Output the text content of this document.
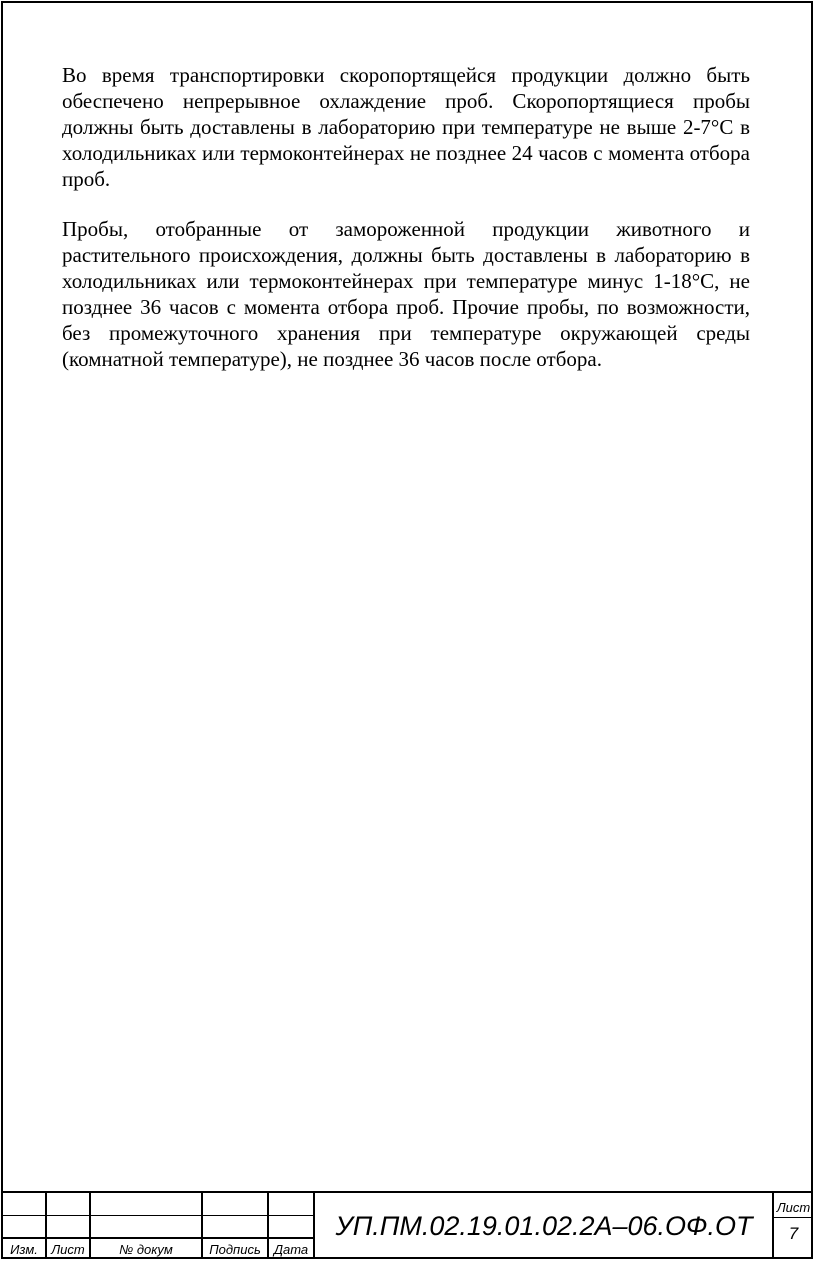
Во время транспортировки скоропортящейся продукции должно быть обеспечено непрерывное охлаждение проб. Скоропортящиеся пробы должны быть доставлены в лабораторию при температуре не выше 2-7°С в холодильниках или термоконтейнерах не позднее 24 часов с момента отбора проб.

Пробы, отобранные от замороженной продукции животного и растительного происхождения, должны быть доставлены в лабораторию в холодильниках или термоконтейнерах при температуре минус 1-18°С, не позднее 36 часов с момента отбора проб. Прочие пробы, по возможности, без промежуточного хранения при температуре окружающей среды (комнатной температуре), не позднее 36 часов после отбора.

Изм.	Лист	№ докум	Подпись	Дата
УП.ПМ.02.19.01.02.2А–06.ОФ.ОТ
Лист
7
